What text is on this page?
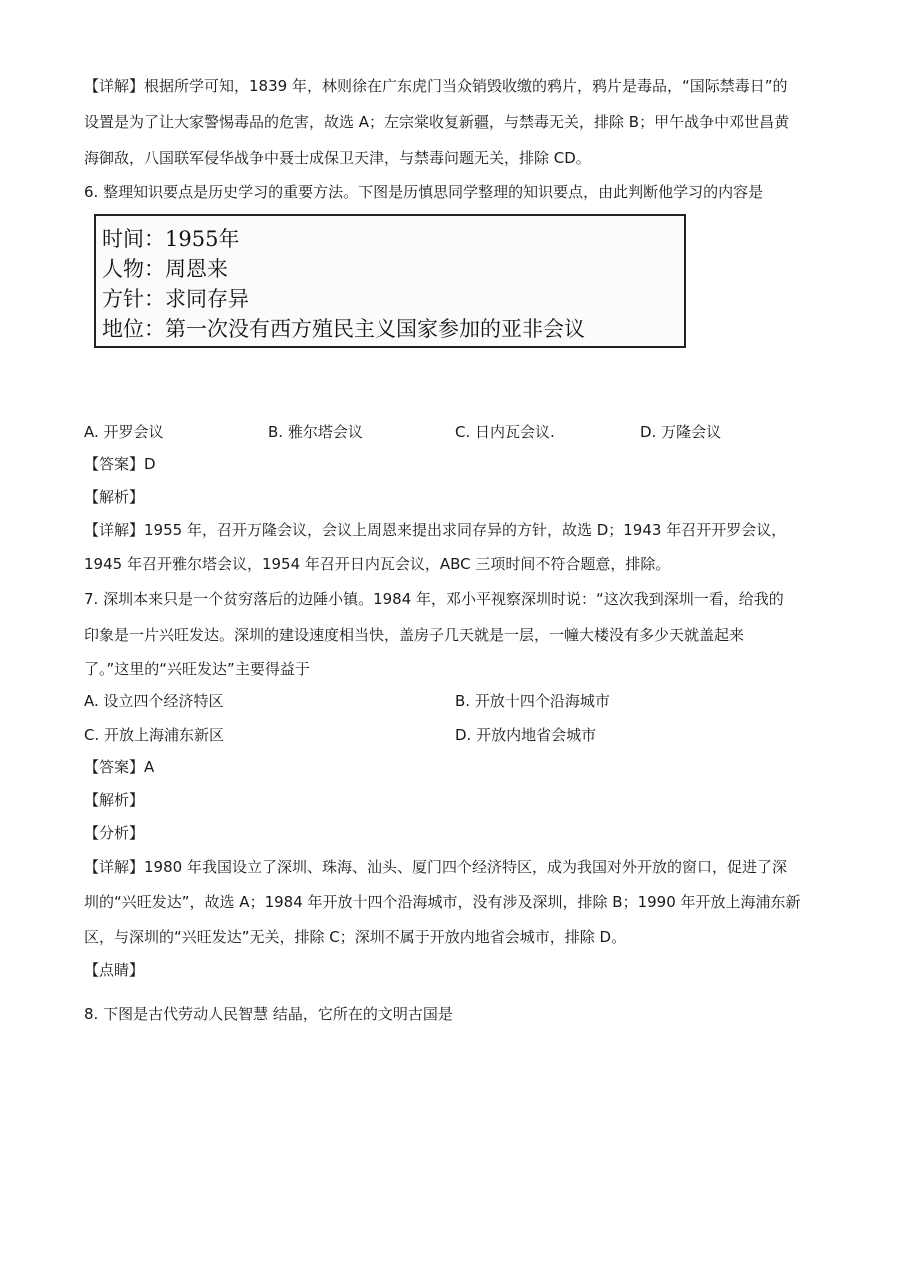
【详解】根据所学可知，1839 年，林则徐在广东虎门当众销毁收缴的鸦片，鸦片是毒品，“国际禁毒日”的
设置是为了让大家警惕毒品的危害，故选 A；左宗棠收复新疆，与禁毒无关，排除 B；甲午战争中邓世昌黄
海御敌，八国联军侵华战争中聂士成保卫天津，与禁毒问题无关，排除 CD。
6. 整理知识要点是历史学习的重要方法。下图是历慎思同学整理的知识要点，由此判断他学习的内容是
时间：1955年
人物：周恩来
方针：求同存异
地位：第一次没有西方殖民主义国家参加的亚非会议
A. 开罗会议	B. 雅尔塔会议	C. 日内瓦会议.	D. 万隆会议
【答案】D
【解析】
【详解】1955 年，召开万隆会议，会议上周恩来提出求同存异的方针，故选 D；1943 年召开开罗会议，
1945 年召开雅尔塔会议，1954 年召开日内瓦会议，ABC 三项时间不符合题意，排除。
7. 深圳本来只是一个贫穷落后的边陲小镇。1984 年，邓小平视察深圳时说：“这次我到深圳一看，给我的
印象是一片兴旺发达。深圳的建设速度相当快，盖房子几天就是一层，一幢大楼没有多少天就盖起来
了。”这里的“兴旺发达”主要得益于
A. 设立四个经济特区	B. 开放十四个沿海城市
C. 开放上海浦东新区	D. 开放内地省会城市
【答案】A
【解析】
【分析】
【详解】1980 年我国设立了深圳、珠海、汕头、厦门四个经济特区，成为我国对外开放的窗口，促进了深
圳的“兴旺发达”，故选 A；1984 年开放十四个沿海城市，没有涉及深圳，排除 B；1990 年开放上海浦东新
区，与深圳的“兴旺发达”无关，排除 C；深圳不属于开放内地省会城市，排除 D。
【点睛】
8. 下图是古代劳动人民智慧 结晶，它所在的文明古国是
